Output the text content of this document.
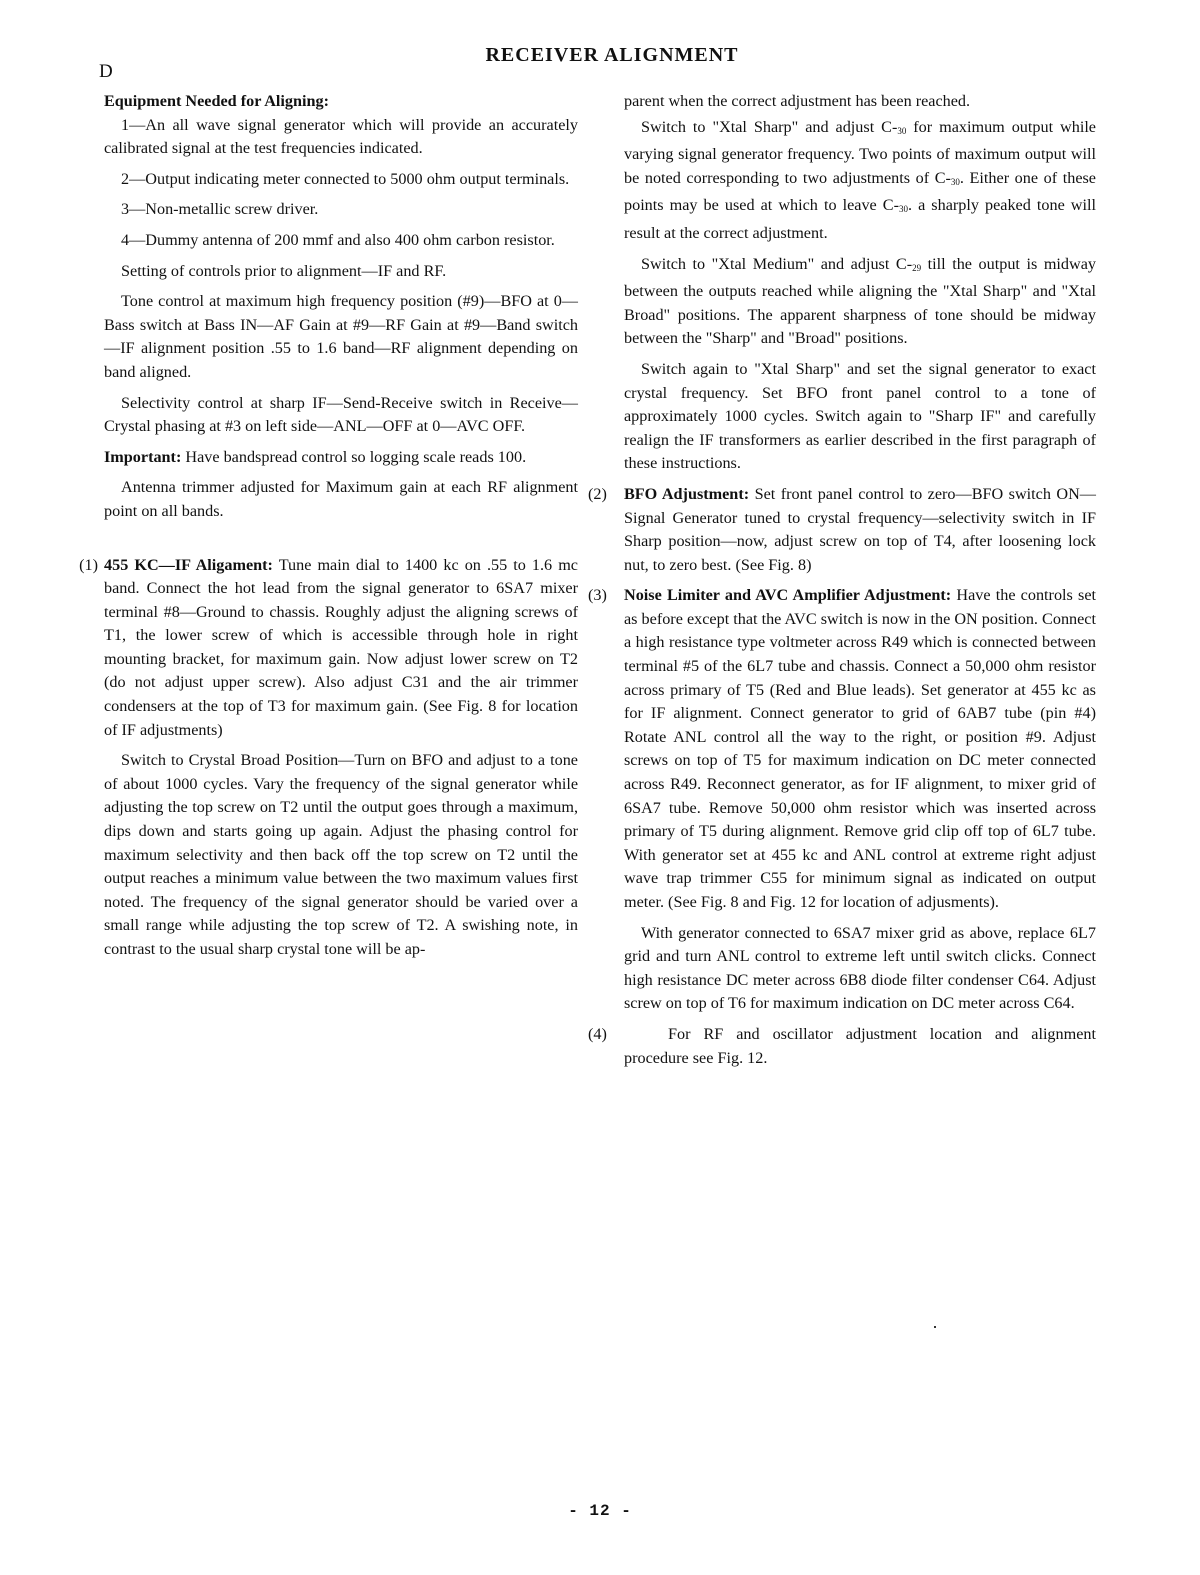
D
RECEIVER ALIGNMENT

Equipment Needed for Aligning:

1—An all wave signal generator which will provide an accurately calibrated signal at the test frequencies indicated.

2—Output indicating meter connected to 5000 ohm output terminals.

3—Non-metallic screw driver.

4—Dummy antenna of 200 mmf and also 400 ohm carbon resistor.

Setting of controls prior to alignment—IF and RF.

Tone control at maximum high frequency position (#9)—BFO at 0—Bass switch at Bass IN—AF Gain at #9—RF Gain at #9—Band switch—IF alignment position .55 to 1.6 band—RF alignment depending on band aligned.

Selectivity control at sharp IF—Send-Receive switch in Receive—Crystal phasing at #3 on left side—ANL—OFF at 0—AVC OFF.

Important: Have bandspread control so logging scale reads 100.

Antenna trimmer adjusted for Maximum gain at each RF alignment point on all bands.

(1) 455 KC—IF Aligament: Tune main dial to 1400 kc on .55 to 1.6 mc band. Connect the hot lead from the signal generator to 6SA7 mixer terminal #8—Ground to chassis. Roughly adjust the aligning screws of T1, the lower screw of which is accessible through hole in right mounting bracket, for maximum gain. Now adjust lower screw on T2 (do not adjust upper screw). Also adjust C31 and the air trimmer condensers at the top of T3 for maximum gain. (See Fig. 8 for location of IF adjustments)

Switch to Crystal Broad Position—Turn on BFO and adjust to a tone of about 1000 cycles. Vary the frequency of the signal generator while adjusting the top screw on T2 until the output goes through a maximum, dips down and starts going up again. Adjust the phasing control for maximum selectivity and then back off the top screw on T2 until the output reaches a minimum value between the two maximum values first noted. The frequency of the signal generator should be varied over a small range while adjusting the top screw of T2. A swishing note, in contrast to the usual sharp crystal tone will be ap-

parent when the correct adjustment has been reached.

Switch to "Xtal Sharp" and adjust $C-_{30}$ for maximum output while varying signal generator frequency. Two points of maximum output will be noted corresponding to two adjustments of $C-_{30}$. Either one of these points may be used at which to leave $C-_{30}$. a sharply peaked tone will result at the correct adjustment.

Switch to "Xtal Medium" and adjust $C-_{29}$ till the output is midway between the outputs reached while aligning the "Xtal Sharp" and "Xtal Broad" positions. The apparent sharpness of tone should be midway between the "Sharp" and "Broad" positions.

Switch again to "Xtal Sharp" and set the signal generator to exact crystal frequency. Set BFO front panel control to a tone of approximately 1000 cycles. Switch again to "Sharp IF" and carefully realign the IF transformers as earlier described in the first paragraph of these instructions.

(2)	BFO Adjustment: Set front panel control to zero—BFO switch ON—Signal Generator tuned to crystal frequency—selectivity switch in IF Sharp position—now, adjust screw on top of T4, after loosening lock nut, to zero best. (See Fig. 8)

(3)	Noise Limiter and AVC Amplifier Adjustment: Have the controls set as before except that the AVC switch is now in the ON position. Connect a high resistance type voltmeter across R49 which is connected between terminal #5 of the 6L7 tube and chassis. Connect a 50,000 ohm resistor across primary of T5 (Red and Blue leads). Set generator at 455 kc as for IF alignment. Connect generator to grid of 6AB7 tube (pin #4) Rotate ANL control all the way to the right, or position #9. Adjust screws on top of T5 for maximum indication on DC meter connected across R49. Reconnect generator, as for IF alignment, to mixer grid of 6SA7 tube. Remove 50,000 ohm resistor which was inserted across primary of T5 during alignment. Remove grid clip off top of 6L7 tube. With generator set at 455 kc and ANL control at extreme right adjust wave trap trimmer C55 for minimum signal as indicated on output meter. (See Fig. 8 and Fig. 12 for location of adjusments).

With generator connected to 6SA7 mixer grid as above, replace 6L7 grid and turn ANL control to extreme left until switch clicks. Connect high resistance DC meter across 6B8 diode filter condenser C64. Adjust screw on top of T6 for maximum indication on DC meter across C64.

(4)	For RF and oscillator adjustment location and alignment procedure see Fig. 12.

- 12 -
